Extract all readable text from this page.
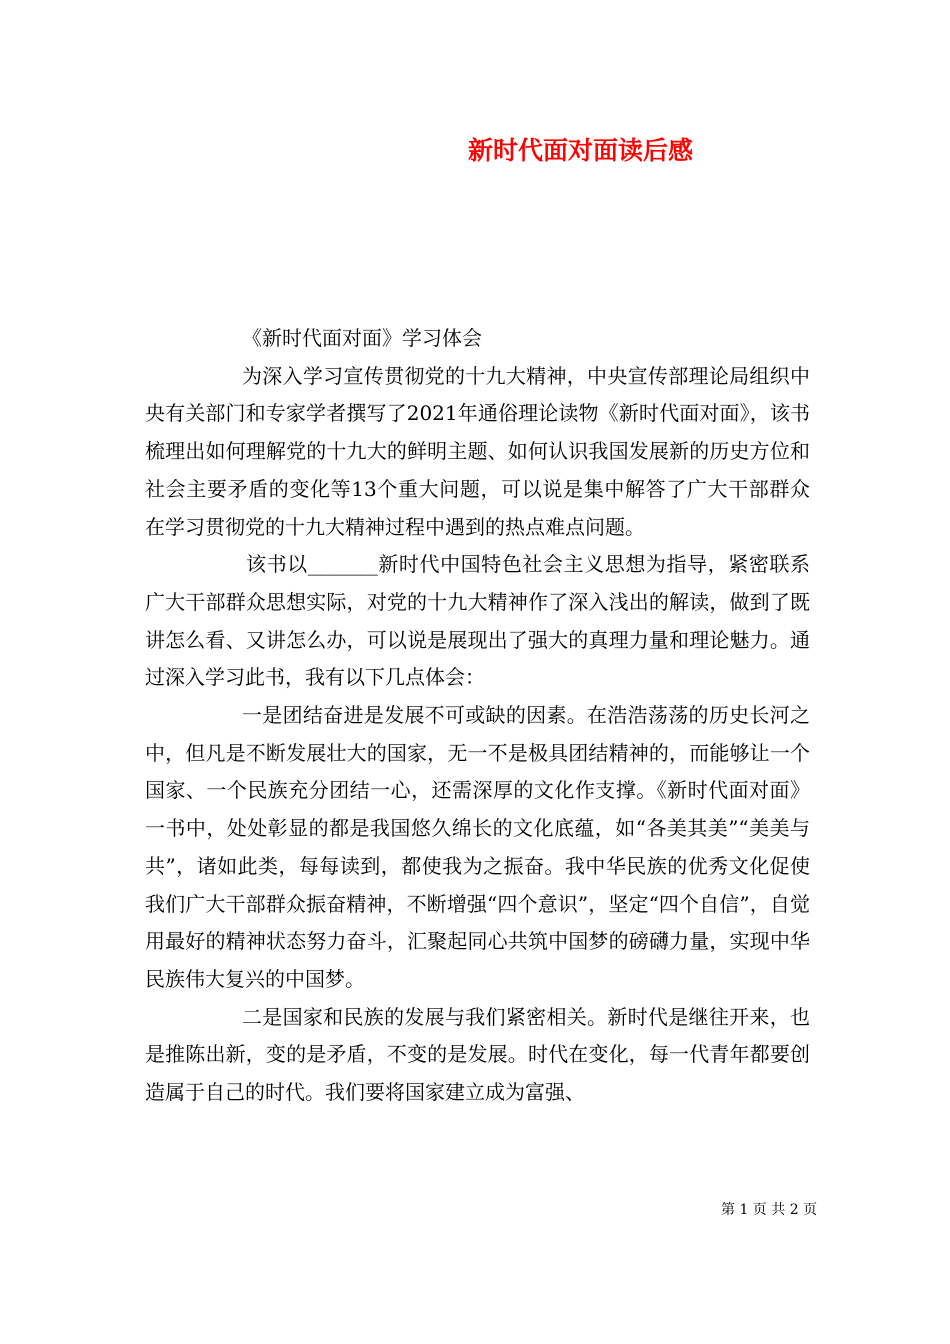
新时代面对面读后感

《新时代面对面》学习体会

为深入学习宣传贯彻党的十九大精神，中央宣传部理论局组织中央有关部门和专家学者撰写了2021年通俗理论读物《新时代面对面》，该书梳理出如何理解党的十九大的鲜明主题、如何认识我国发展新的历史方位和社会主要矛盾的变化等13个重大问题，可以说是集中解答了广大干部群众在学习贯彻党的十九大精神过程中遇到的热点难点问题。

该书以_______新时代中国特色社会主义思想为指导，紧密联系广大干部群众思想实际，对党的十九大精神作了深入浅出的解读，做到了既讲怎么看、又讲怎么办，可以说是展现出了强大的真理力量和理论魅力。通过深入学习此书，我有以下几点体会：

一是团结奋进是发展不可或缺的因素。在浩浩荡荡的历史长河之中，但凡是不断发展壮大的国家，无一不是极具团结精神的，而能够让一个国家、一个民族充分团结一心，还需深厚的文化作支撑。《新时代面对面》一书中，处处彰显的都是我国悠久绵长的文化底蕴，如“各美其美”“美美与共”，诸如此类，每每读到，都使我为之振奋。我中华民族的优秀文化促使我们广大干部群众振奋精神，不断增强“四个意识”，坚定“四个自信”，自觉用最好的精神状态努力奋斗，汇聚起同心共筑中国梦的磅礴力量，实现中华民族伟大复兴的中国梦。

二是国家和民族的发展与我们紧密相关。新时代是继往开来，也是推陈出新，变的是矛盾，不变的是发展。时代在变化，每一代青年都要创造属于自己的时代。我们要将国家建立成为富强、

第 1 页 共 2 页
